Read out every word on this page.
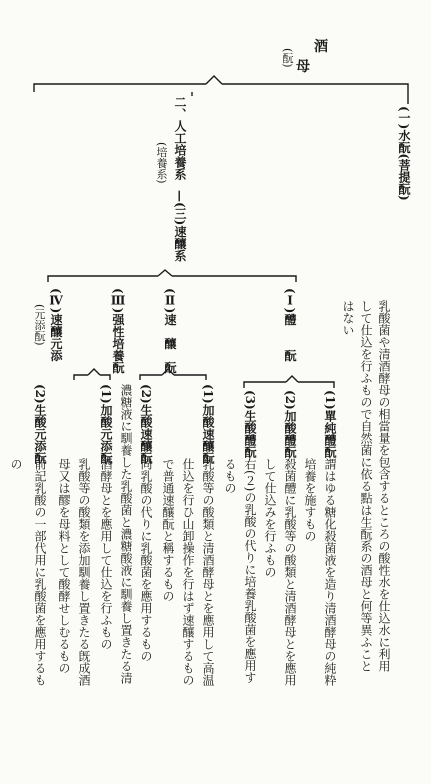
酒
母
(酛)
(一)水酛(菩提酛)
乳酸菌や清酒酵母の相當量を包含するところの酸性水を仕込水に利用
して仕込を行ふもので自然菌に依る點は生酛系の酒母と何等異ふこと
はない
二、人工培養系
(培養系)
—(三)速釀系
(Ⅰ)醴　　酛
(Ⅱ)速　釀　酛
(Ⅲ)强性培養酛
(Ⅳ)速釀元添
(元添酛)
(1)單純醴酛
(2)加酸醴酛
(3)生酸醴酛
(1)加酸速釀酛
(2)生酸速釀酛
(1)加酸元添酛
(2)生酸元添酛
謂はゆる糖化殺菌液を造り清酒酵母の純粋
培養を施すもの
殺菌醴に乳酸等の酸類と清酒酵母とを應用
して仕込みを行ふもの
右(２)の乳酸の代りに培養乳酸菌を應用す
るもの
乳酸等の酸類と清酒酵母とを應用して高温
仕込を行ひ山卸操作を行はず速釀するもの
で普通速釀酛と稱するもの
同乳酸の代りに乳酸菌を應用するもの
濃糖液に馴養した乳酸菌と濃糖酸液に馴養し置きたる清
酒酵母とを應用して仕込を行ふもの
乳酸等の酸類を添加馴養し置きたる旣成酒
母又は醪を母料として酸酵せしむるもの
前記乳酸の一部代用に乳酸菌を應用するも
の
